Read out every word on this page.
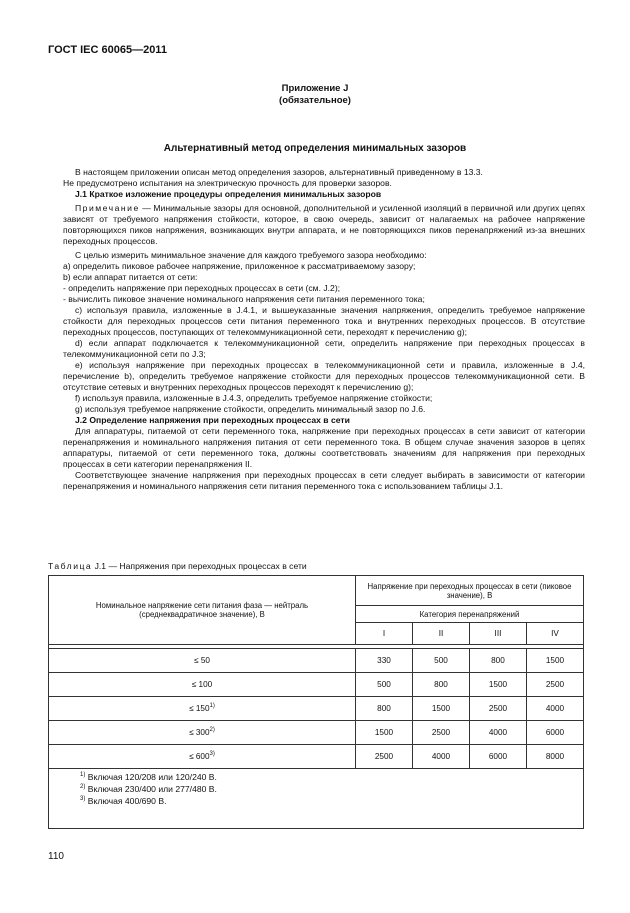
ГОСТ IEC 60065—2011
Приложение J
(обязательное)
Альтернативный метод определения минимальных зазоров

В настоящем приложении описан метод определения зазоров, альтернативный приведенному в 13.3.

Не предусмотрено испытания на электрическую прочность для проверки зазоров.

J.1 Краткое изложение процедуры определения минимальных зазоров

Примечание — Минимальные зазоры для основной, дополнительной и усиленной изоляций в первичной или других цепях зависят от требуемого напряжения стойкости, которое, в свою очередь, зависит от налагаемых на рабочее напряжение повторяющихся пиков напряжения, возникающих внутри аппарата, и не повторяющихся пиков перенапряжений из-за внешних переходных процессов.

С целью измерить минимальное значение для каждого требуемого зазора необходимо:

a) определить пиковое рабочее напряжение, приложенное к рассматриваемому зазору;

b) если аппарат питается от сети:

- определить напряжение при переходных процессах в сети (см. J.2);

- вычислить пиковое значение номинального напряжения сети питания переменного тока;

c) используя правила, изложенные в J.4.1, и вышеуказанные значения напряжения, определить требуемое напряжение стойкости для переходных процессов сети питания переменного тока и внутренних переходных процессов. В отсутствие переходных процессов, поступающих от телекоммуникационной сети, переходят к перечислению g);

d) если аппарат подключается к телекоммуникационной сети, определить напряжение при переходных процессах в телекоммуникационной сети по J.3;

e) используя напряжение при переходных процессах в телекоммуникационной сети и правила, изложенные в J.4, перечисление b), определить требуемое напряжение стойкости для переходных процессов телекоммуникационной сети. В отсутствие сетевых и внутренних переходных процессов переходят к перечислению g);

f) используя правила, изложенные в J.4.3, определить требуемое напряжение стойкости;

g) используя требуемое напряжение стойкости, определить минимальный зазор по J.6.

J.2 Определение напряжения при переходных процессах в сети

Для аппаратуры, питаемой от сети переменного тока, напряжение при переходных процессах в сети зависит от категории перенапряжения и номинального напряжения питания от сети переменного тока. В общем случае значения зазоров в цепях аппаратуры, питаемой от сети переменного тока, должны соответствовать значениям для напряжения при переходных процессах в сети категории перенапряжения II.

Соответствующее значение напряжения при переходных процессах в сети следует выбирать в зависимости от категории перенапряжения и номинального напряжения сети питания переменного тока с использованием таблицы J.1.

Таблица J.1 — Напряжения при переходных процессах в сети
Номинальное напряжение сети питания фаза — нейтраль (среднеквадратичное значение), В	Напряжение при переходных процессах в сети (пиковое значение), В			
	Категория перенапряжений			
	I	II	III	IV

≤ 50	330	500	800	1500
≤ 100	500	800	1500	2500
≤ $150^{1)}$	800	1500	2500	4000
≤ $300^{2)}$	1500	2500	4000	6000
≤ $600^{3)}$	2500	4000	6000	8000

$^{1)}$ Включая 120/208 или 120/240 В.
$^{2)}$ Включая 230/400 или 277/480 В.
$^{3)}$ Включая 400/690 В.
110
